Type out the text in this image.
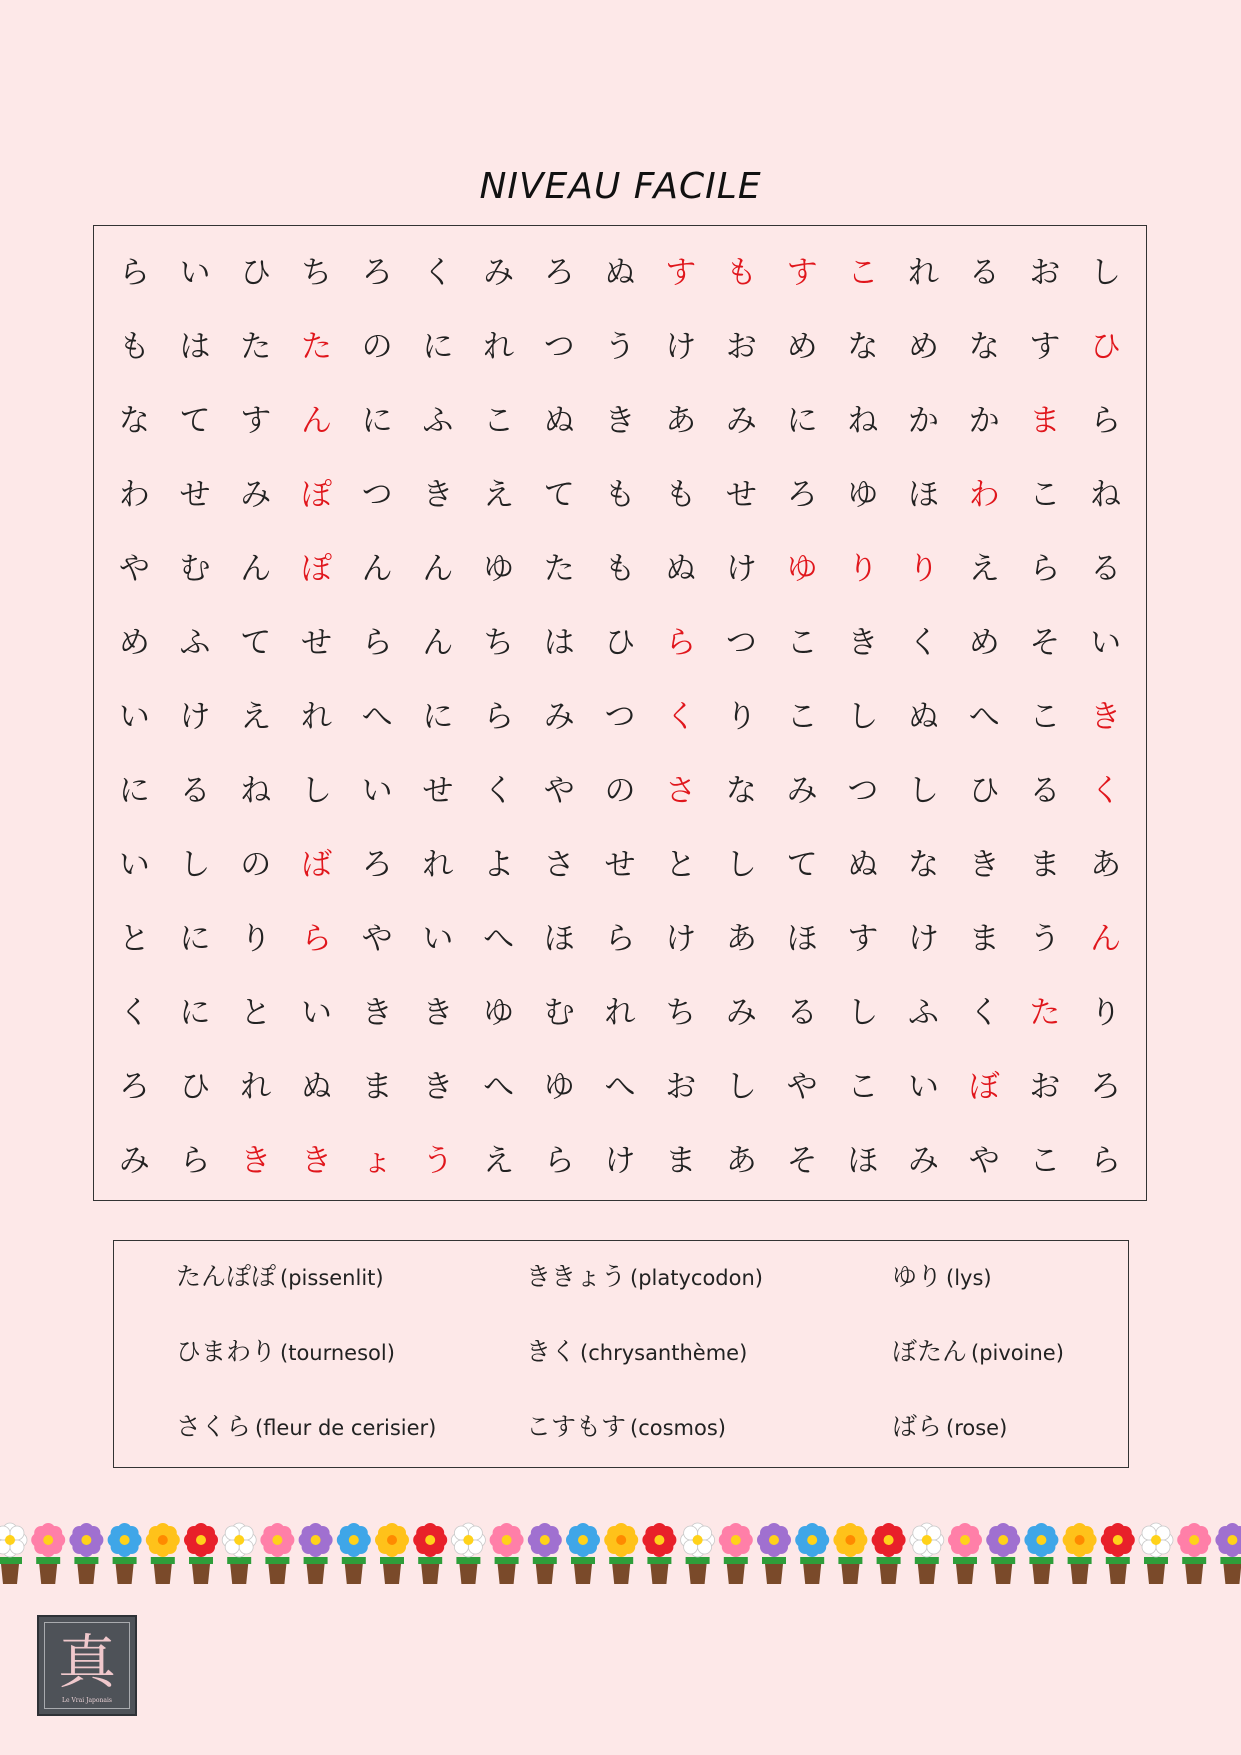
NIVEAU FACILE
ら い ひ ち ろ く み ろ ぬ す も す こ れ る お し
も は た た の に れ つ う け お め な め な す ひ
な て す ん に ふ こ ぬ き あ み に ね か か ま ら
わ せ み ぽ つ き え て も も せ ろ ゆ ほ わ こ ね
や む ん ぽ ん ん ゆ た も ぬ け ゆ り り え ら る
め ふ て せ ら ん ち は ひ ら つ こ き く め そ い
い け え れ へ に ら み つ く り こ し ぬ へ こ き
に る ね し い せ く や の さ な み つ し ひ る く
い し の ば ろ れ よ さ せ と し て ぬ な き ま あ
と に り ら や い へ ほ ら け あ ほ す け ま う ん
く に と い き き ゆ む れ ち み る し ふ く た り
ろ ひ れ ぬ ま き へ ゆ へ お し や こ い ぼ お ろ
み ら き き ょ う え ら け ま あ そ ほ み や こ ら
たんぽぽ (pissenlit)	ききょう (platycodon)	ゆり (lys)
ひまわり (tournesol)	きく (chrysanthème)	ぼたん (pivoine)
さくら (fleur de cerisier)	こすもす (cosmos)	ばら (rose)
真
Le Vrai Japonais
